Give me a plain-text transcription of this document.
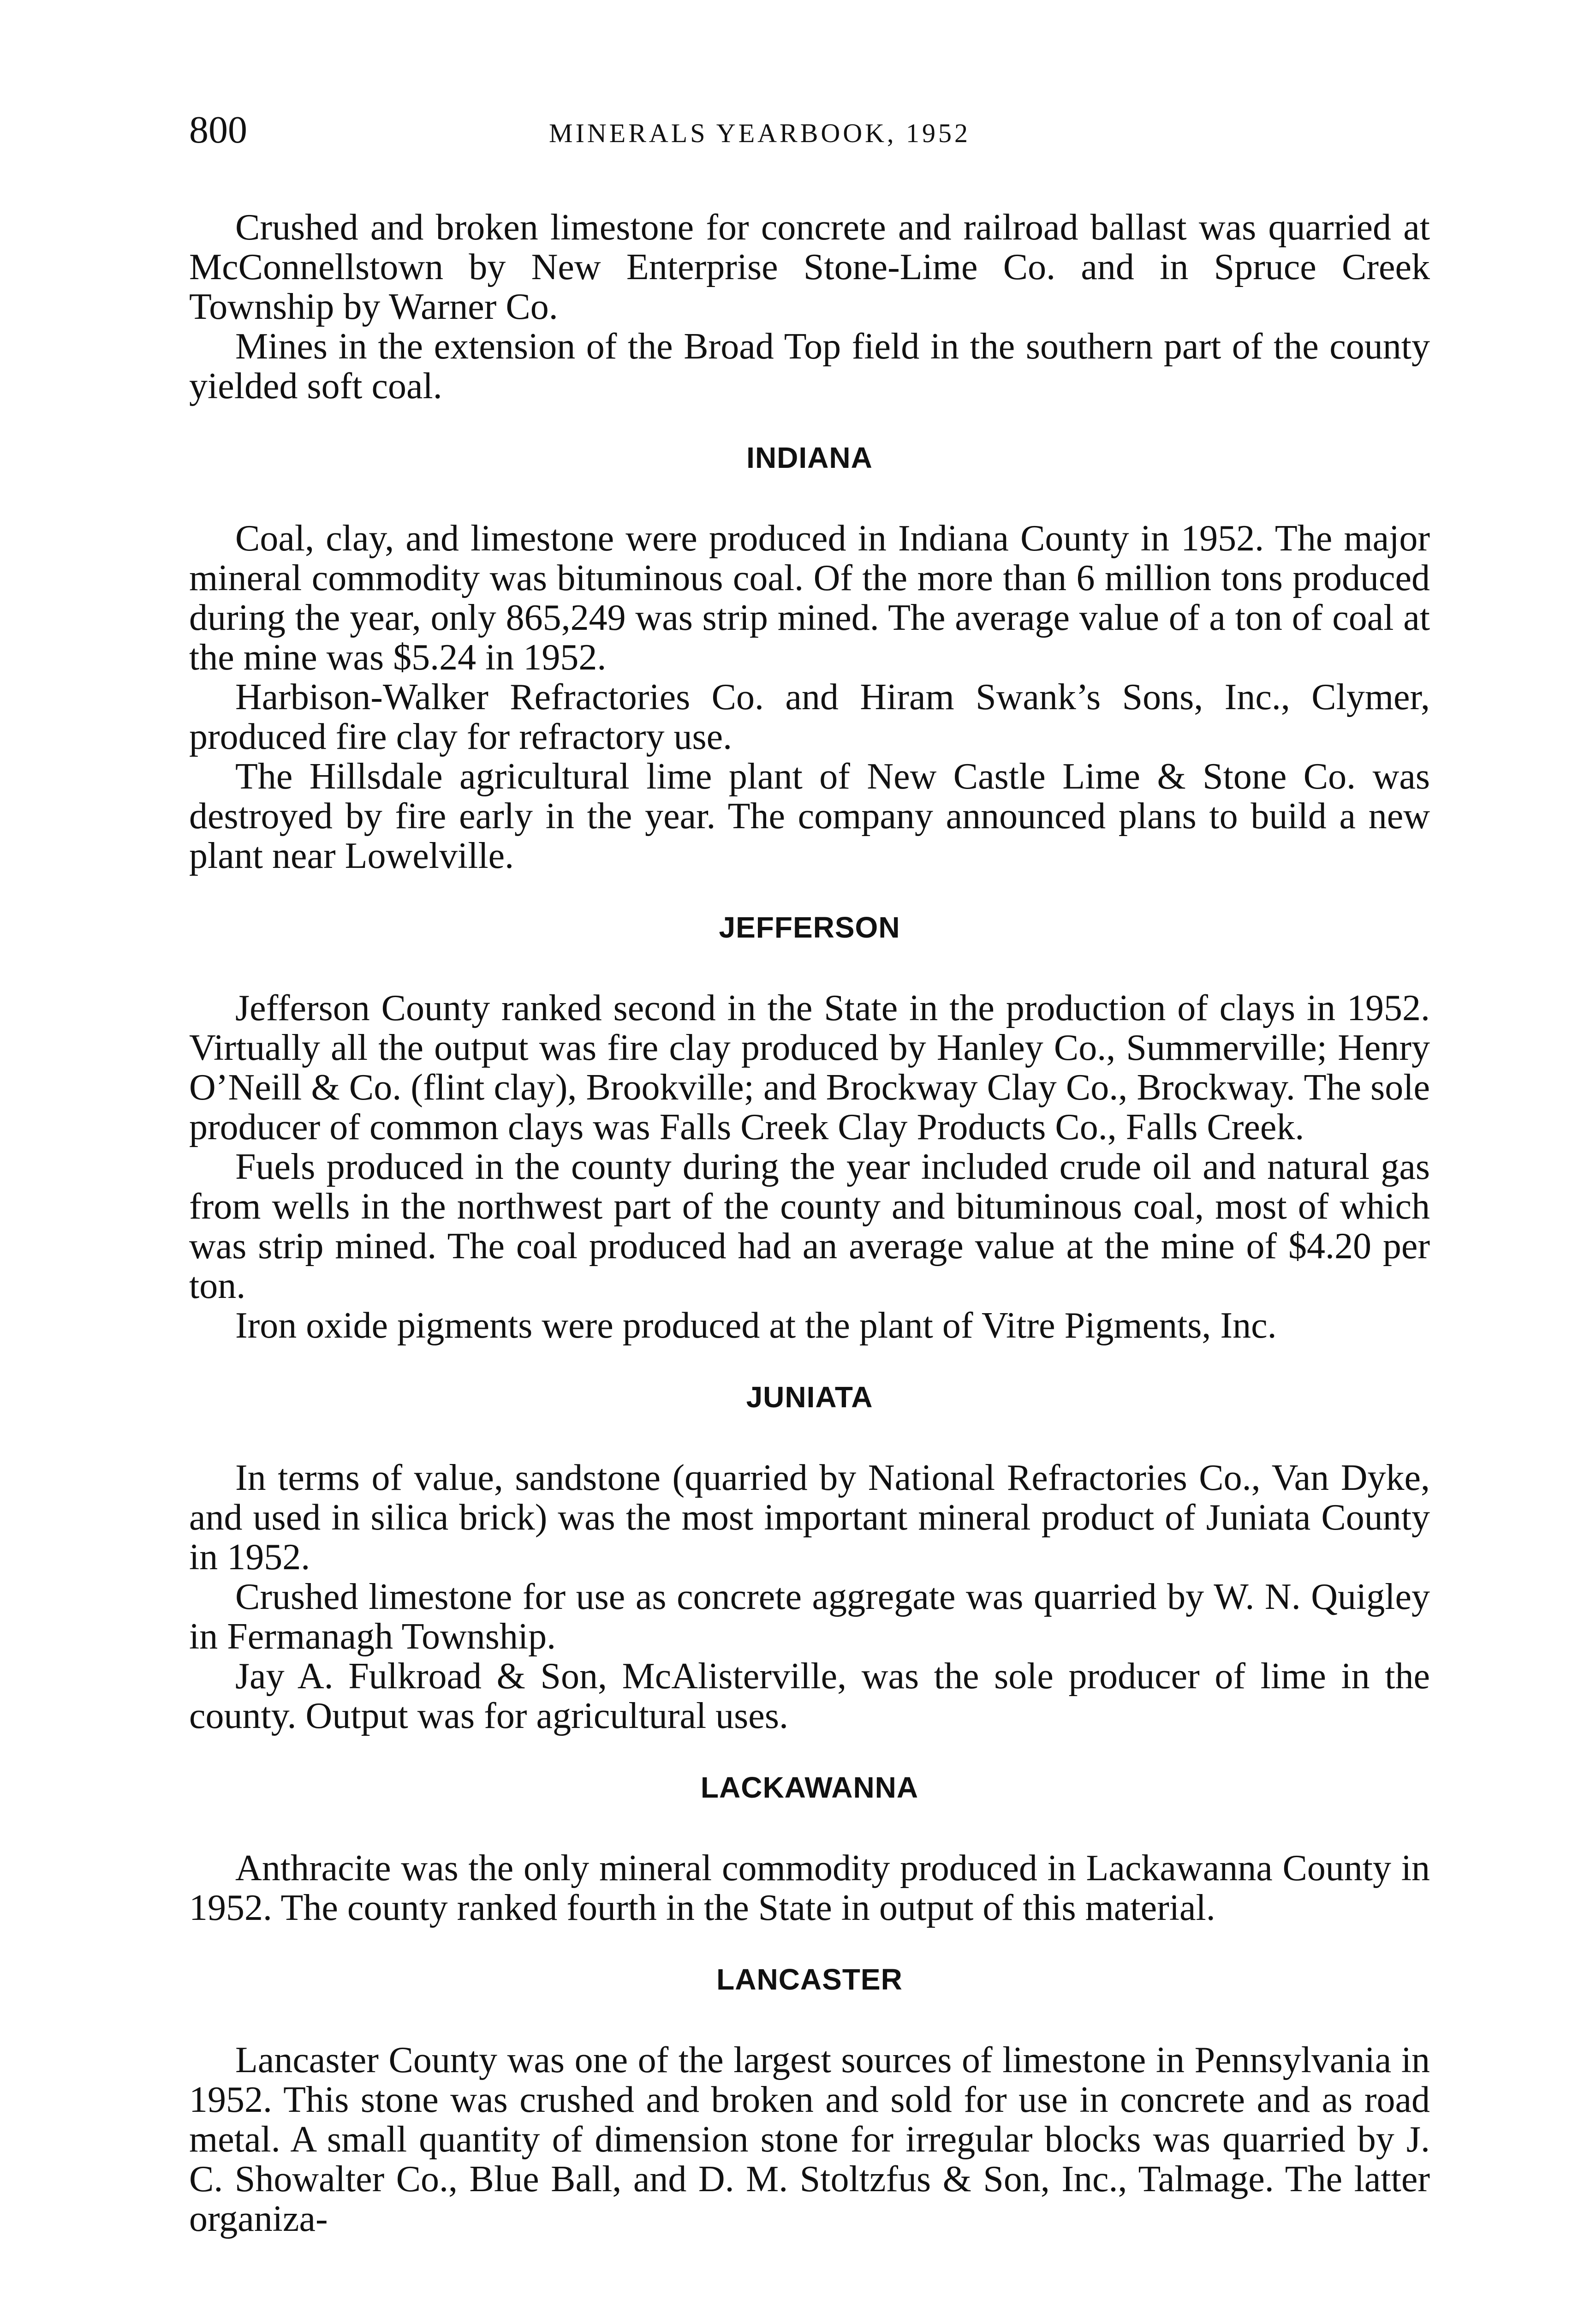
800	MINERALS YEARBOOK, 1952

Crushed and broken limestone for concrete and railroad ballast was quarried at McConnellstown by New Enterprise Stone-Lime Co. and in Spruce Creek Township by Warner Co.

Mines in the extension of the Broad Top field in the southern part of the county yielded soft coal.

INDIANA

Coal, clay, and limestone were produced in Indiana County in 1952. The major mineral commodity was bituminous coal. Of the more than 6 million tons produced during the year, only 865,249 was strip mined. The average value of a ton of coal at the mine was $5.24 in 1952.

Harbison-Walker Refractories Co. and Hiram Swank’s Sons, Inc., Clymer, produced fire clay for refractory use.

The Hillsdale agricultural lime plant of New Castle Lime & Stone Co. was destroyed by fire early in the year. The company announced plans to build a new plant near Lowelville.

JEFFERSON

Jefferson County ranked second in the State in the production of clays in 1952. Virtually all the output was fire clay produced by Hanley Co., Summerville; Henry O’Neill & Co. (flint clay), Brookville; and Brockway Clay Co., Brockway. The sole producer of common clays was Falls Creek Clay Products Co., Falls Creek.

Fuels produced in the county during the year included crude oil and natural gas from wells in the northwest part of the county and bituminous coal, most of which was strip mined. The coal produced had an average value at the mine of $4.20 per ton.

Iron oxide pigments were produced at the plant of Vitre Pigments, Inc.

JUNIATA

In terms of value, sandstone (quarried by National Refractories Co., Van Dyke, and used in silica brick) was the most important mineral product of Juniata County in 1952.

Crushed limestone for use as concrete aggregate was quarried by W. N. Quigley in Fermanagh Township.

Jay A. Fulkroad & Son, McAlisterville, was the sole producer of lime in the county. Output was for agricultural uses.

LACKAWANNA

Anthracite was the only mineral commodity produced in Lackawanna County in 1952. The county ranked fourth in the State in output of this material.

LANCASTER

Lancaster County was one of the largest sources of limestone in Pennsylvania in 1952. This stone was crushed and broken and sold for use in concrete and as road metal. A small quantity of dimension stone for irregular blocks was quarried by J. C. Showalter Co., Blue Ball, and D. M. Stoltzfus & Son, Inc., Talmage. The latter organiza-
